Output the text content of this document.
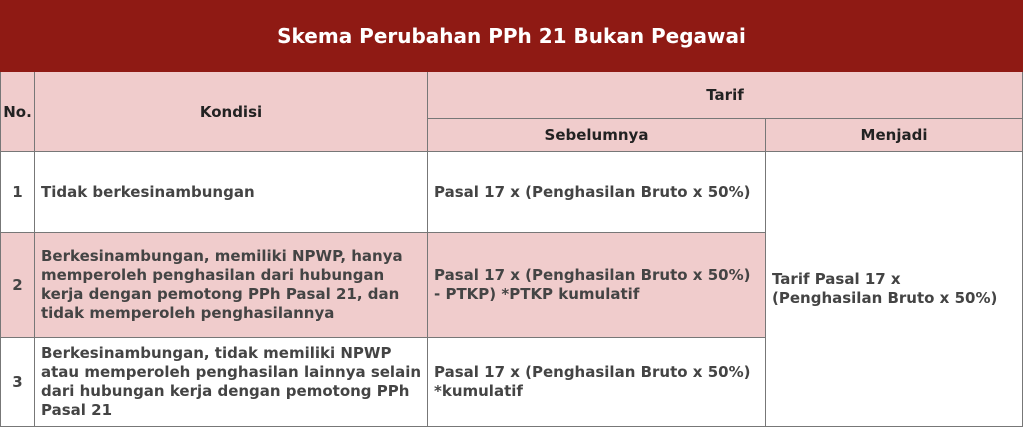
Skema Perubahan PPh 21 Bukan Pegawai			
No.	Kondisi	Tarif	
		Sebelumnya	Menjadi
1	Tidak berkesinambungan	Pasal 17 x (Penghasilan Bruto x 50%)	Tarif Pasal 17 x (Penghasilan Bruto x 50%)
2	Berkesinambungan, memiliki NPWP, hanya memperoleh penghasilan dari hubungan kerja dengan pemotong PPh Pasal 21, dan tidak memperoleh penghasilannya	Pasal 17 x (Penghasilan Bruto x 50%) - PTKP) *PTKP kumulatif	
3	Berkesinambungan, tidak memiliki NPWP atau memperoleh penghasilan lainnya selain dari hubungan kerja dengan pemotong PPh Pasal 21	Pasal 17 x (Penghasilan Bruto x 50%) *kumulatif	
